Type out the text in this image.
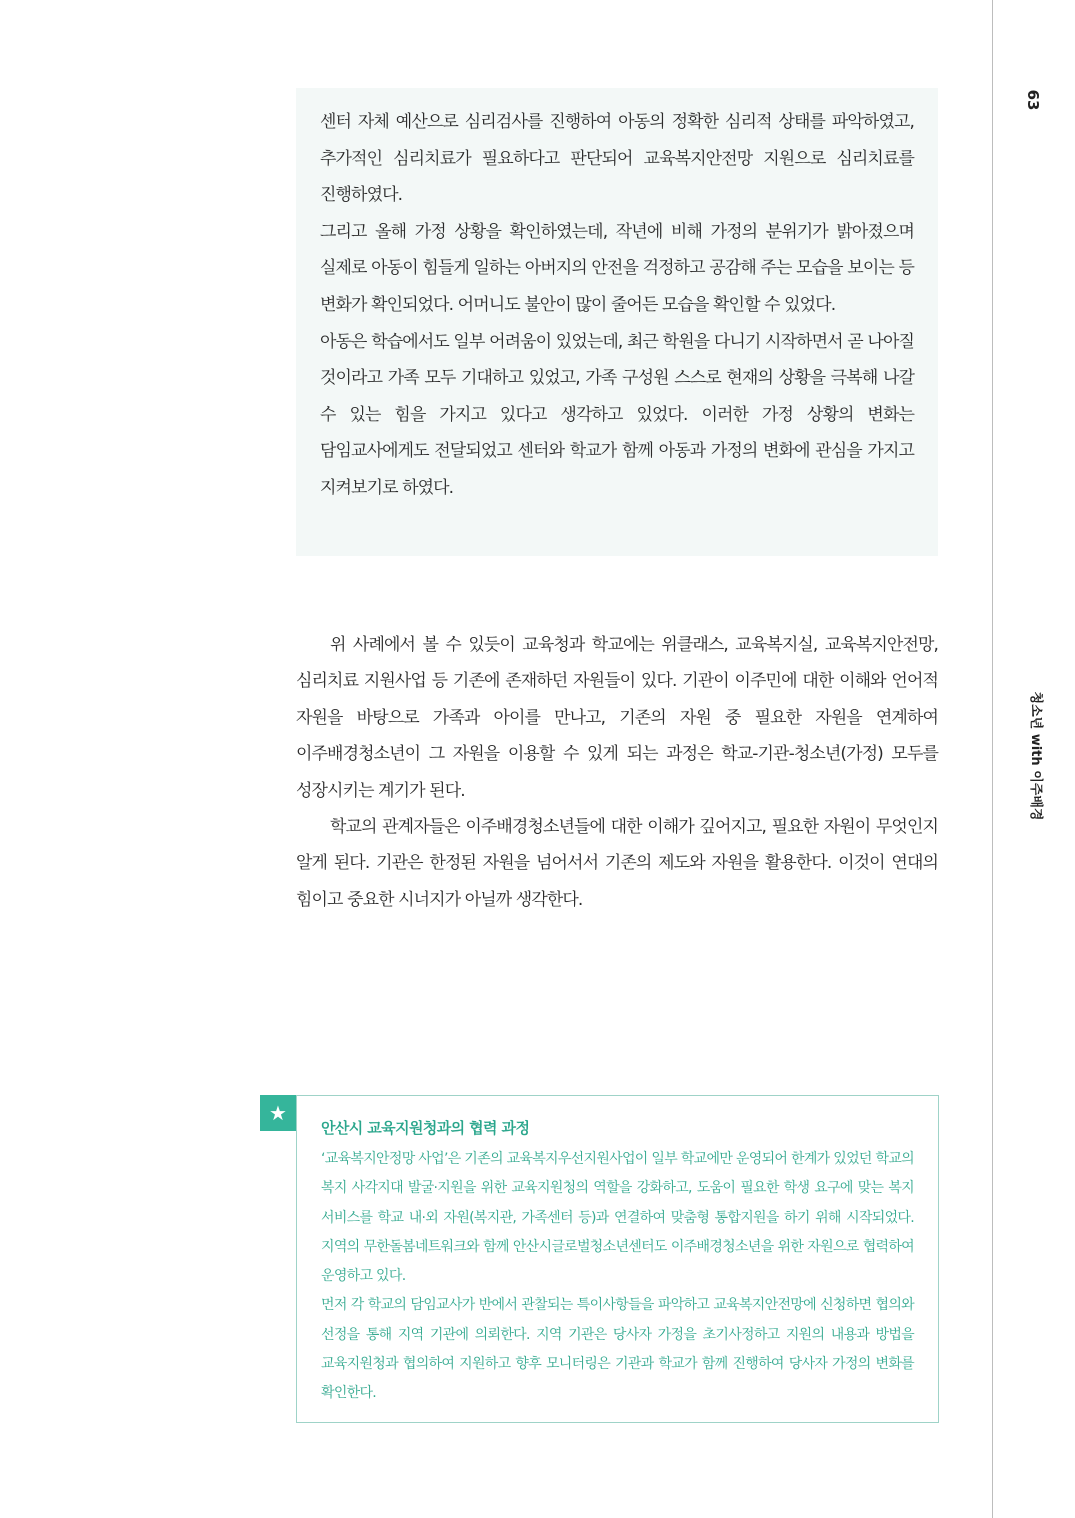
63
청소년 with 이주배경

센터 자체 예산으로 심리검사를 진행하여 아동의 정확한 심리적 상태를 파악하였고, 추가적인 심리치료가 필요하다고 판단되어 교육복지안전망 지원으로 심리치료를 진행하였다.

그리고 올해 가정 상황을 확인하였는데, 작년에 비해 가정의 분위기가 밝아졌으며 실제로 아동이 힘들게 일하는 아버지의 안전을 걱정하고 공감해 주는 모습을 보이는 등 변화가 확인되었다. 어머니도 불안이 많이 줄어든 모습을 확인할 수 있었다.

아동은 학습에서도 일부 어려움이 있었는데, 최근 학원을 다니기 시작하면서 곧 나아질 것이라고 가족 모두 기대하고 있었고, 가족 구성원 스스로 현재의 상황을 극복해 나갈 수 있는 힘을 가지고 있다고 생각하고 있었다. 이러한 가정 상황의 변화는 담임교사에게도 전달되었고 센터와 학교가 함께 아동과 가정의 변화에 관심을 가지고 지켜보기로 하였다.

위 사례에서 볼 수 있듯이 교육청과 학교에는 위클래스, 교육복지실, 교육복지안전망, 심리치료 지원사업 등 기존에 존재하던 자원들이 있다. 기관이 이주민에 대한 이해와 언어적 자원을 바탕으로 가족과 아이를 만나고, 기존의 자원 중 필요한 자원을 연계하여 이주배경청소년이 그 자원을 이용할 수 있게 되는 과정은 학교-기관-청소년(가정) 모두를 성장시키는 계기가 된다.

학교의 관계자들은 이주배경청소년들에 대한 이해가 깊어지고, 필요한 자원이 무엇인지 알게 된다. 기관은 한정된 자원을 넘어서서 기존의 제도와 자원을 활용한다. 이것이 연대의 힘이고 중요한 시너지가 아닐까 생각한다.

★
안산시 교육지원청과의 협력 과정

‘교육복지안정망 사업’은 기존의 교육복지우선지원사업이 일부 학교에만 운영되어 한계가 있었던 학교의 복지 사각지대 발굴·지원을 위한 교육지원청의 역할을 강화하고, 도움이 필요한 학생 요구에 맞는 복지 서비스를 학교 내·외 자원(복지관, 가족센터 등)과 연결하여 맞춤형 통합지원을 하기 위해 시작되었다. 지역의 무한돌봄네트워크와 함께 안산시글로벌청소년센터도 이주배경청소년을 위한 자원으로 협력하여 운영하고 있다.

먼저 각 학교의 담임교사가 반에서 관찰되는 특이사항들을 파악하고 교육복지안전망에 신청하면 협의와 선정을 통해 지역 기관에 의뢰한다. 지역 기관은 당사자 가정을 초기사정하고 지원의 내용과 방법을 교육지원청과 협의하여 지원하고 향후 모니터링은 기관과 학교가 함께 진행하여 당사자 가정의 변화를 확인한다.
